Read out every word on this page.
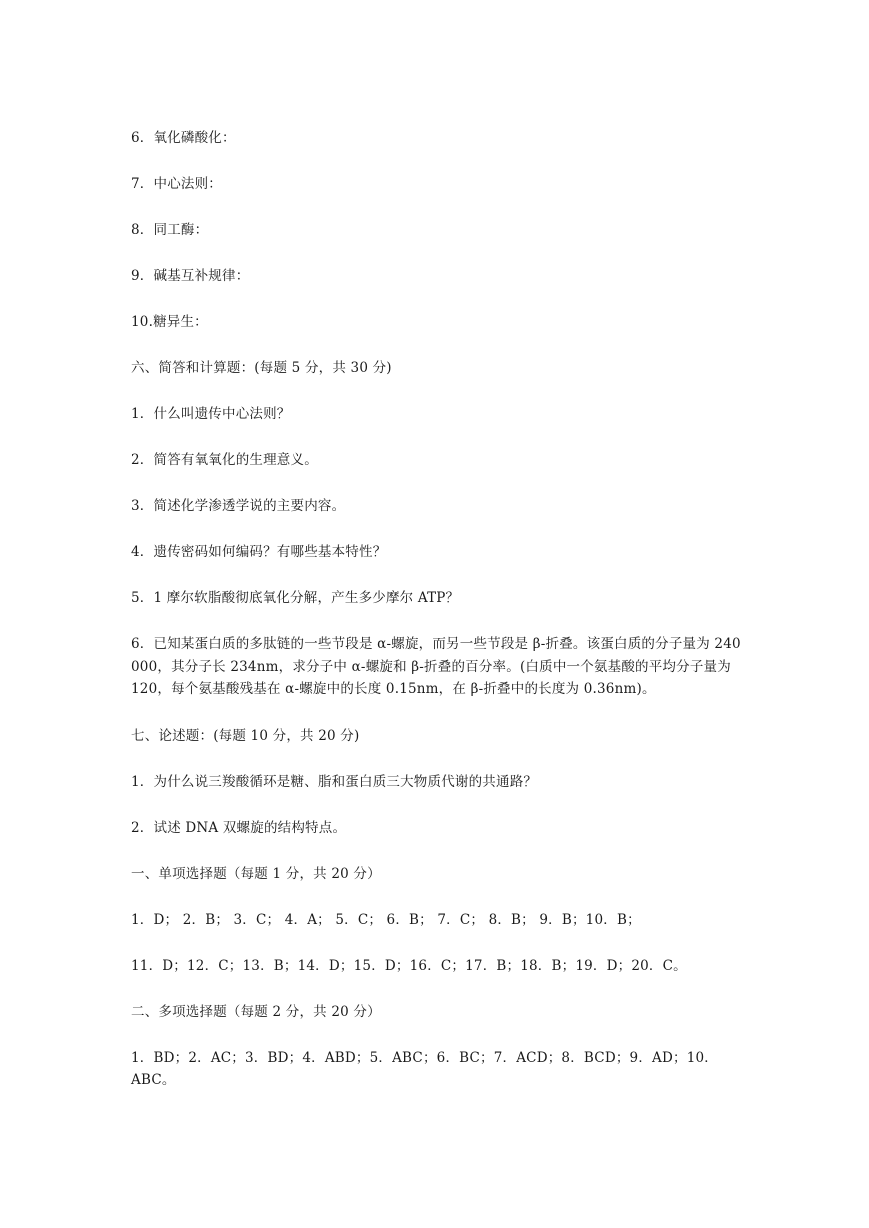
6．氧化磷酸化：

7．中心法则：

8．同工酶：

9．碱基互补规律：

10.糖异生：

六、简答和计算题：(每题 5 分，共 30 分)

1．什么叫遗传中心法则？

2．简答有氧氧化的生理意义。

3．简述化学渗透学说的主要内容。

4．遗传密码如何编码？有哪些基本特性？

5．1 摩尔软脂酸彻底氧化分解，产生多少摩尔 ATP？

6．已知某蛋白质的多肽链的一些节段是 α-螺旋，而另一些节段是 β-折叠。该蛋白质的分子量为 240 000，其分子长 234nm，求分子中 α-螺旋和 β-折叠的百分率。(白质中一个氨基酸的平均分子量为 120，每个氨基酸残基在 α-螺旋中的长度 0.15nm，在 β-折叠中的长度为 0.36nm)。

七、论述题：(每题 10 分，共 20 分)

1．为什么说三羧酸循环是糖、脂和蛋白质三大物质代谢的共通路？

2．试述 DNA 双螺旋的结构特点。

一、单项选择题（每题 1 分，共 20 分）

1．D； 2．B； 3．C； 4．A； 5．C； 6．B； 7．C； 8．B； 9．B；10．B；

11．D；12．C；13．B；14．D；15．D；16．C；17．B；18．B；19．D；20．C。

二、多项选择题（每题 2 分，共 20 分）

1．BD；2．AC；3．BD；4．ABD；5．ABC；6．BC；7．ACD；8．BCD；9．AD；10．ABC。
